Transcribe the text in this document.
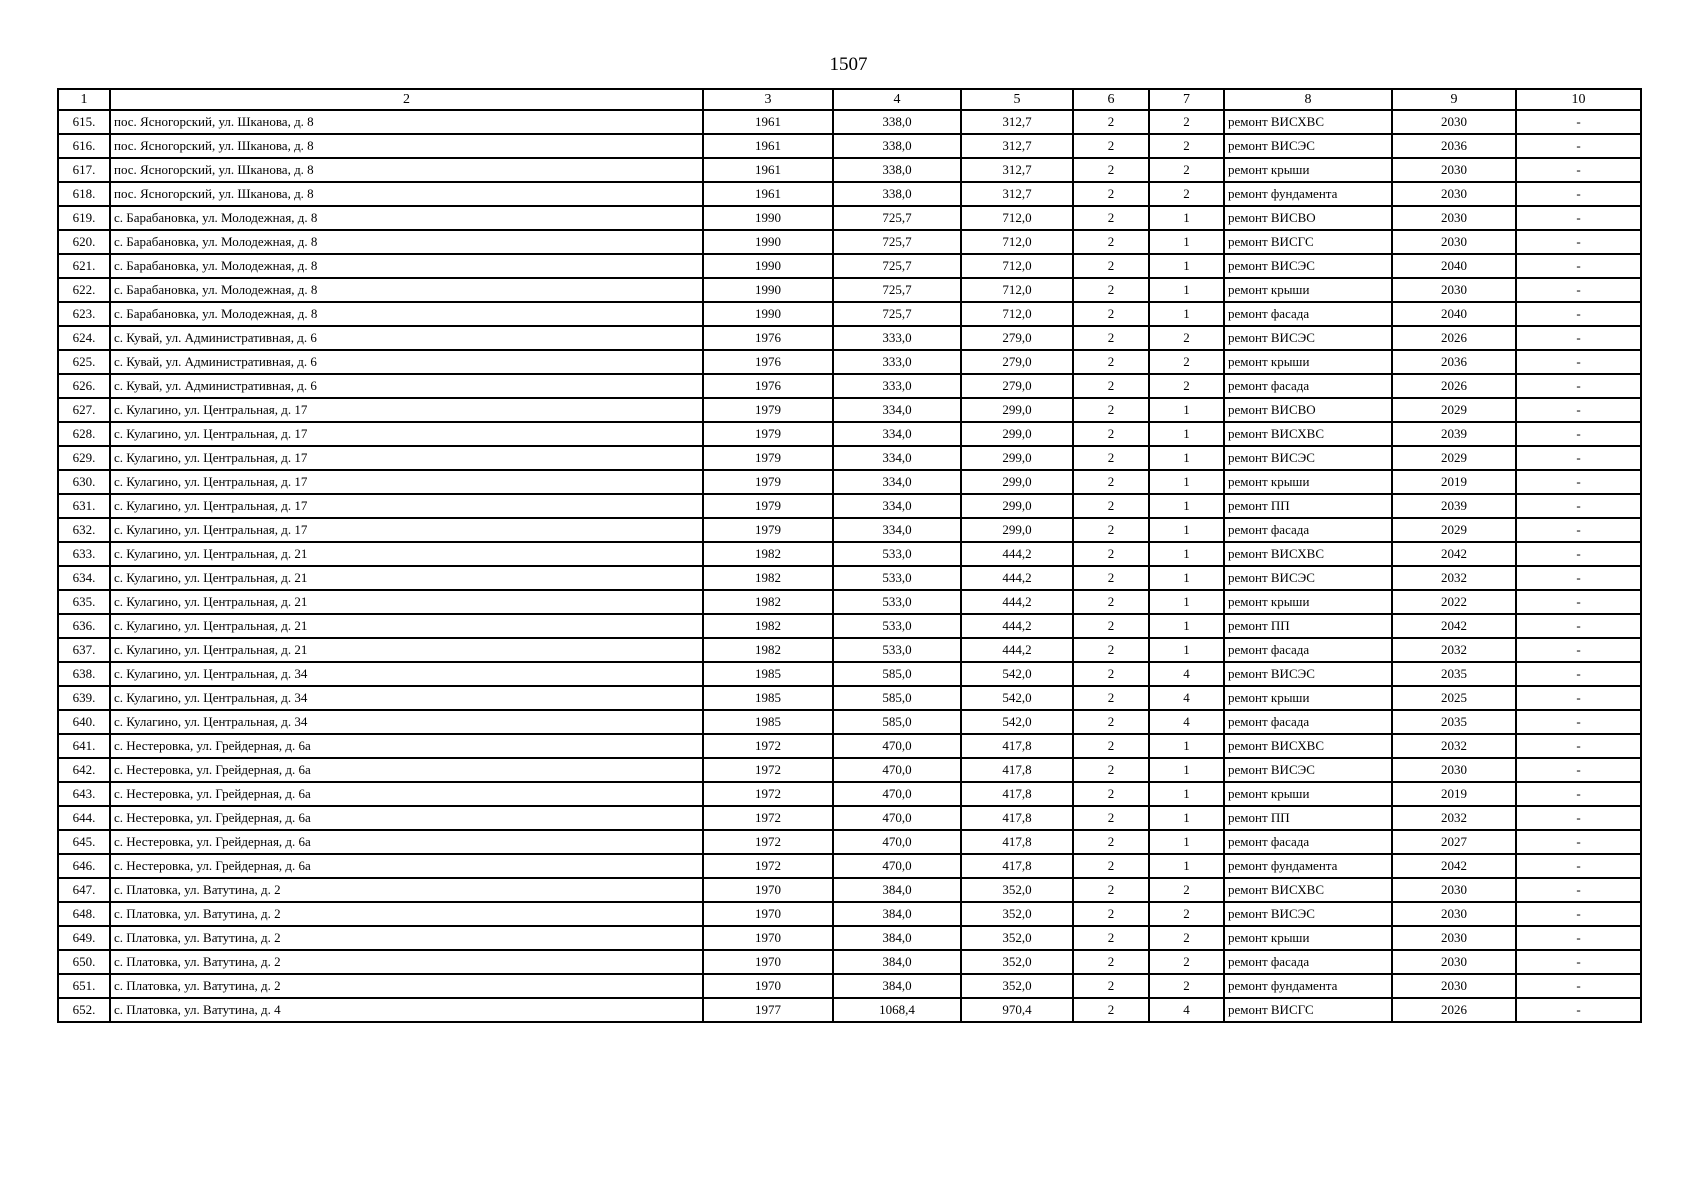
1507
1	2	3	4	5	6	7	8	9	10
615.	пос. Ясногорский, ул. Шканова, д. 8	1961	338,0	312,7	2	2	ремонт ВИСХВС	2030	-
616.	пос. Ясногорский, ул. Шканова, д. 8	1961	338,0	312,7	2	2	ремонт ВИСЭС	2036	-
617.	пос. Ясногорский, ул. Шканова, д. 8	1961	338,0	312,7	2	2	ремонт крыши	2030	-
618.	пос. Ясногорский, ул. Шканова, д. 8	1961	338,0	312,7	2	2	ремонт фундамента	2030	-
619.	с. Барабановка, ул. Молодежная, д. 8	1990	725,7	712,0	2	1	ремонт ВИСВО	2030	-
620.	с. Барабановка, ул. Молодежная, д. 8	1990	725,7	712,0	2	1	ремонт ВИСГС	2030	-
621.	с. Барабановка, ул. Молодежная, д. 8	1990	725,7	712,0	2	1	ремонт ВИСЭС	2040	-
622.	с. Барабановка, ул. Молодежная, д. 8	1990	725,7	712,0	2	1	ремонт крыши	2030	-
623.	с. Барабановка, ул. Молодежная, д. 8	1990	725,7	712,0	2	1	ремонт фасада	2040	-
624.	с. Кувай, ул. Административная, д. 6	1976	333,0	279,0	2	2	ремонт ВИСЭС	2026	-
625.	с. Кувай, ул. Административная, д. 6	1976	333,0	279,0	2	2	ремонт крыши	2036	-
626.	с. Кувай, ул. Административная, д. 6	1976	333,0	279,0	2	2	ремонт фасада	2026	-
627.	с. Кулагино, ул. Центральная, д. 17	1979	334,0	299,0	2	1	ремонт ВИСВО	2029	-
628.	с. Кулагино, ул. Центральная, д. 17	1979	334,0	299,0	2	1	ремонт ВИСХВС	2039	-
629.	с. Кулагино, ул. Центральная, д. 17	1979	334,0	299,0	2	1	ремонт ВИСЭС	2029	-
630.	с. Кулагино, ул. Центральная, д. 17	1979	334,0	299,0	2	1	ремонт крыши	2019	-
631.	с. Кулагино, ул. Центральная, д. 17	1979	334,0	299,0	2	1	ремонт ПП	2039	-
632.	с. Кулагино, ул. Центральная, д. 17	1979	334,0	299,0	2	1	ремонт фасада	2029	-
633.	с. Кулагино, ул. Центральная, д. 21	1982	533,0	444,2	2	1	ремонт ВИСХВС	2042	-
634.	с. Кулагино, ул. Центральная, д. 21	1982	533,0	444,2	2	1	ремонт ВИСЭС	2032	-
635.	с. Кулагино, ул. Центральная, д. 21	1982	533,0	444,2	2	1	ремонт крыши	2022	-
636.	с. Кулагино, ул. Центральная, д. 21	1982	533,0	444,2	2	1	ремонт ПП	2042	-
637.	с. Кулагино, ул. Центральная, д. 21	1982	533,0	444,2	2	1	ремонт фасада	2032	-
638.	с. Кулагино, ул. Центральная, д. 34	1985	585,0	542,0	2	4	ремонт ВИСЭС	2035	-
639.	с. Кулагино, ул. Центральная, д. 34	1985	585,0	542,0	2	4	ремонт крыши	2025	-
640.	с. Кулагино, ул. Центральная, д. 34	1985	585,0	542,0	2	4	ремонт фасада	2035	-
641.	с. Нестеровка, ул. Грейдерная, д. 6а	1972	470,0	417,8	2	1	ремонт ВИСХВС	2032	-
642.	с. Нестеровка, ул. Грейдерная, д. 6а	1972	470,0	417,8	2	1	ремонт ВИСЭС	2030	-
643.	с. Нестеровка, ул. Грейдерная, д. 6а	1972	470,0	417,8	2	1	ремонт крыши	2019	-
644.	с. Нестеровка, ул. Грейдерная, д. 6а	1972	470,0	417,8	2	1	ремонт ПП	2032	-
645.	с. Нестеровка, ул. Грейдерная, д. 6а	1972	470,0	417,8	2	1	ремонт фасада	2027	-
646.	с. Нестеровка, ул. Грейдерная, д. 6а	1972	470,0	417,8	2	1	ремонт фундамента	2042	-
647.	с. Платовка, ул. Ватутина, д. 2	1970	384,0	352,0	2	2	ремонт ВИСХВС	2030	-
648.	с. Платовка, ул. Ватутина, д. 2	1970	384,0	352,0	2	2	ремонт ВИСЭС	2030	-
649.	с. Платовка, ул. Ватутина, д. 2	1970	384,0	352,0	2	2	ремонт крыши	2030	-
650.	с. Платовка, ул. Ватутина, д. 2	1970	384,0	352,0	2	2	ремонт фасада	2030	-
651.	с. Платовка, ул. Ватутина, д. 2	1970	384,0	352,0	2	2	ремонт фундамента	2030	-
652.	с. Платовка, ул. Ватутина, д. 4	1977	1068,4	970,4	2	4	ремонт ВИСГС	2026	-
